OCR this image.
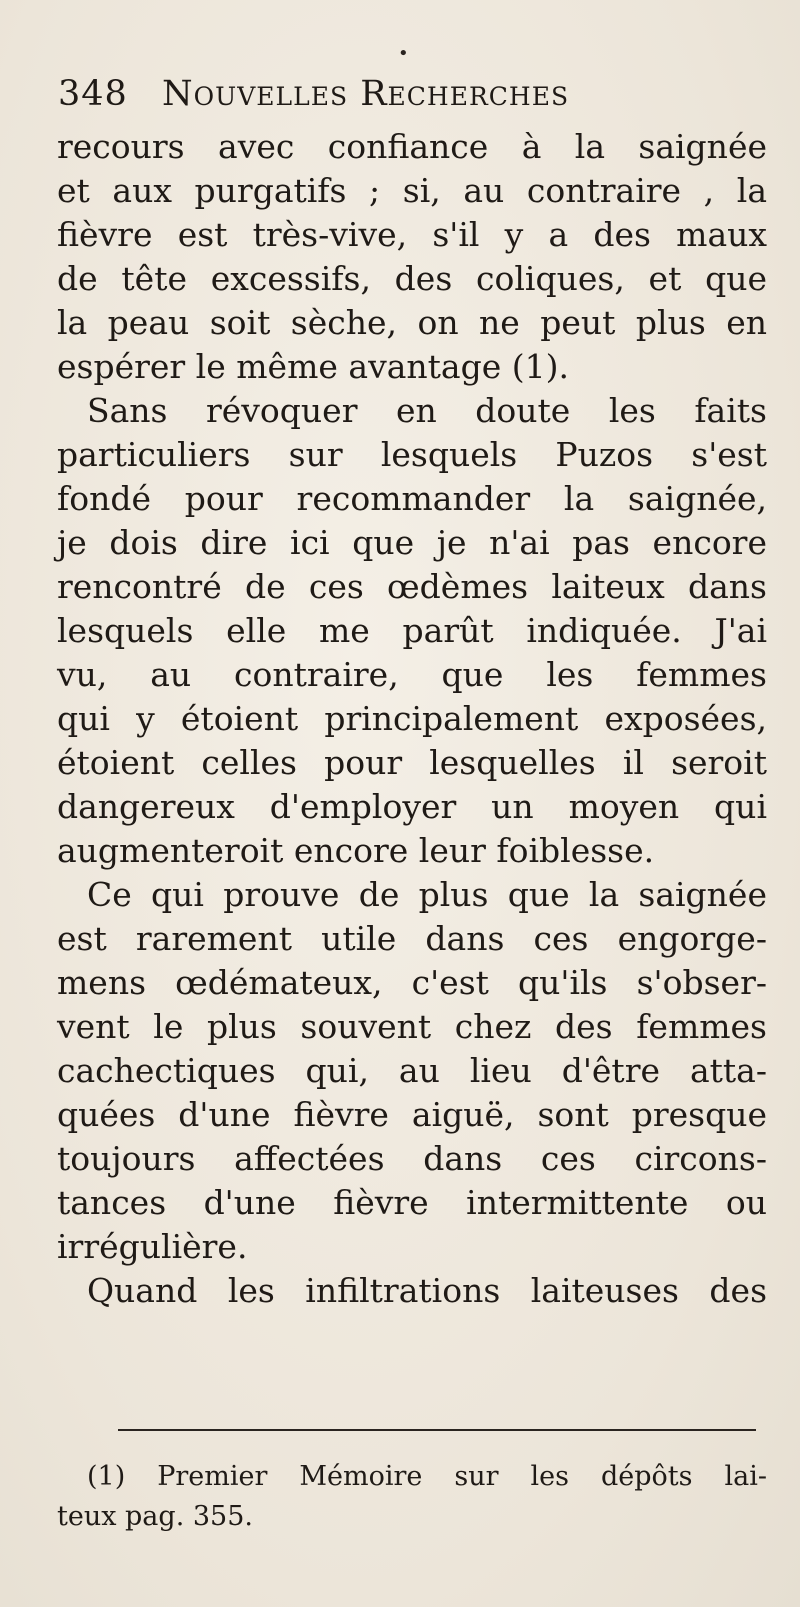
•
348 Nouvelles Recherches
recours avec confiance à la saignée
et aux purgatifs ; si, au contraire , la
fièvre est très-vive, s'il y a des maux
de tête excessifs, des coliques, et que
la peau soit sèche, on ne peut plus en
espérer le même avantage (1).
Sans révoquer en doute les faits
particuliers sur lesquels Puzos s'est
fondé pour recommander la saignée,
je dois dire ici que je n'ai pas encore
rencontré de ces œdèmes laiteux dans
lesquels elle me parût indiquée. J'ai
vu, au contraire, que les femmes
qui y étoient principalement exposées,
étoient celles pour lesquelles il seroit
dangereux d'employer un moyen qui
augmenteroit encore leur foiblesse.
Ce qui prouve de plus que la saignée
est rarement utile dans ces engorge-
mens œdémateux, c'est qu'ils s'obser-
vent le plus souvent chez des femmes
cachectiques qui, au lieu d'être atta-
quées d'une fièvre aiguë, sont presque
toujours affectées dans ces circons-
tances d'une fièvre intermittente ou
irrégulière.
Quand les infiltrations laiteuses des
(1) Premier Mémoire sur les dépôts lai-
teux pag. 355.
